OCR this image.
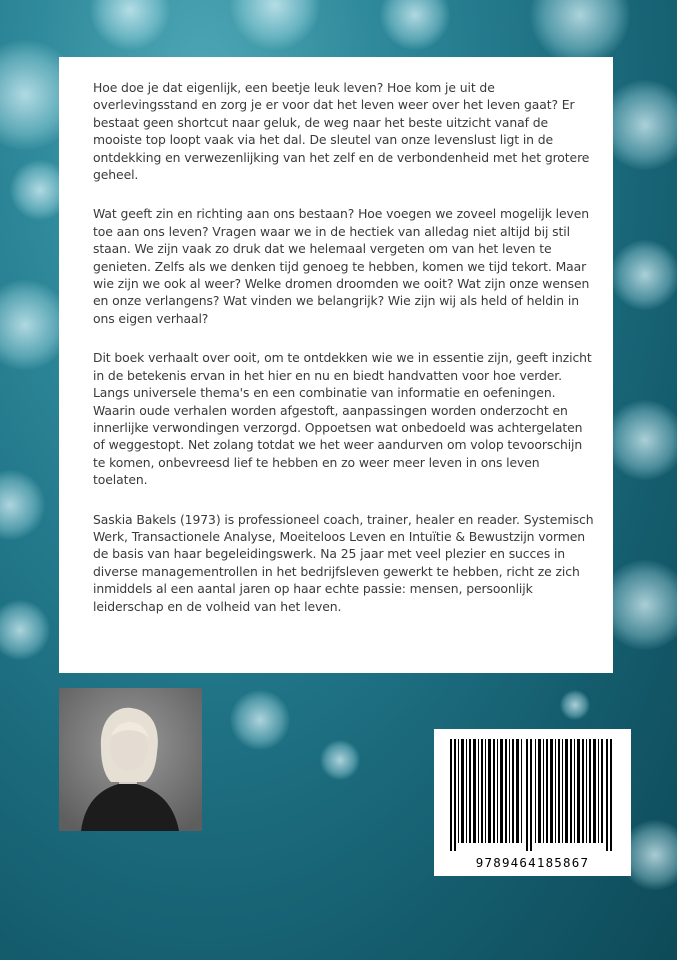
Hoe doe je dat eigenlijk, een beetje leuk leven? Hoe kom je uit de overlevingsstand en zorg je er voor dat het leven weer over het leven gaat? Er bestaat geen shortcut naar geluk, de weg naar het beste uitzicht vanaf de mooiste top loopt vaak via het dal. De sleutel van onze levenslust ligt in de ontdekking en verwezenlijking van het zelf en de verbondenheid met het grotere geheel.

Wat geeft zin en richting aan ons bestaan? Hoe voegen we zoveel mogelijk leven toe aan ons leven? Vragen waar we in de hectiek van alledag niet altijd bij stil staan. We zijn vaak zo druk dat we helemaal vergeten om van het leven te genieten. Zelfs als we denken tijd genoeg te hebben, komen we tijd tekort. Maar wie zijn we ook al weer? Welke dromen droomden we ooit? Wat zijn onze wensen en onze verlangens? Wat vinden we belangrijk? Wie zijn wij als held of heldin in ons eigen verhaal?

Dit boek verhaalt over ooit, om te ontdekken wie we in essentie zijn, geeft inzicht in de betekenis ervan in het hier en nu en biedt handvatten voor hoe verder. Langs universele thema's en een combinatie van informatie en oefeningen. Waarin oude verhalen worden afgestoft, aanpassingen worden onderzocht en innerlijke verwondingen verzorgd. Oppoetsen wat onbedoeld was achtergelaten of weggestopt. Net zolang totdat we het weer aandurven om volop tevoorschijn te komen, onbevreesd lief te hebben en zo weer meer leven in ons leven toelaten.

Saskia Bakels (1973) is professioneel coach, trainer, healer en reader. Systemisch Werk, Transactionele Analyse, Moeiteloos Leven en Intuïtie & Bewustzijn vormen de basis van haar begeleidingswerk. Na 25 jaar met veel plezier en succes in diverse managementrollen in het bedrijfsleven gewerkt te hebben, richt ze zich inmiddels al een aantal jaren op haar echte passie: mensen, persoonlijk leiderschap en de volheid van het leven.

9789464185867
